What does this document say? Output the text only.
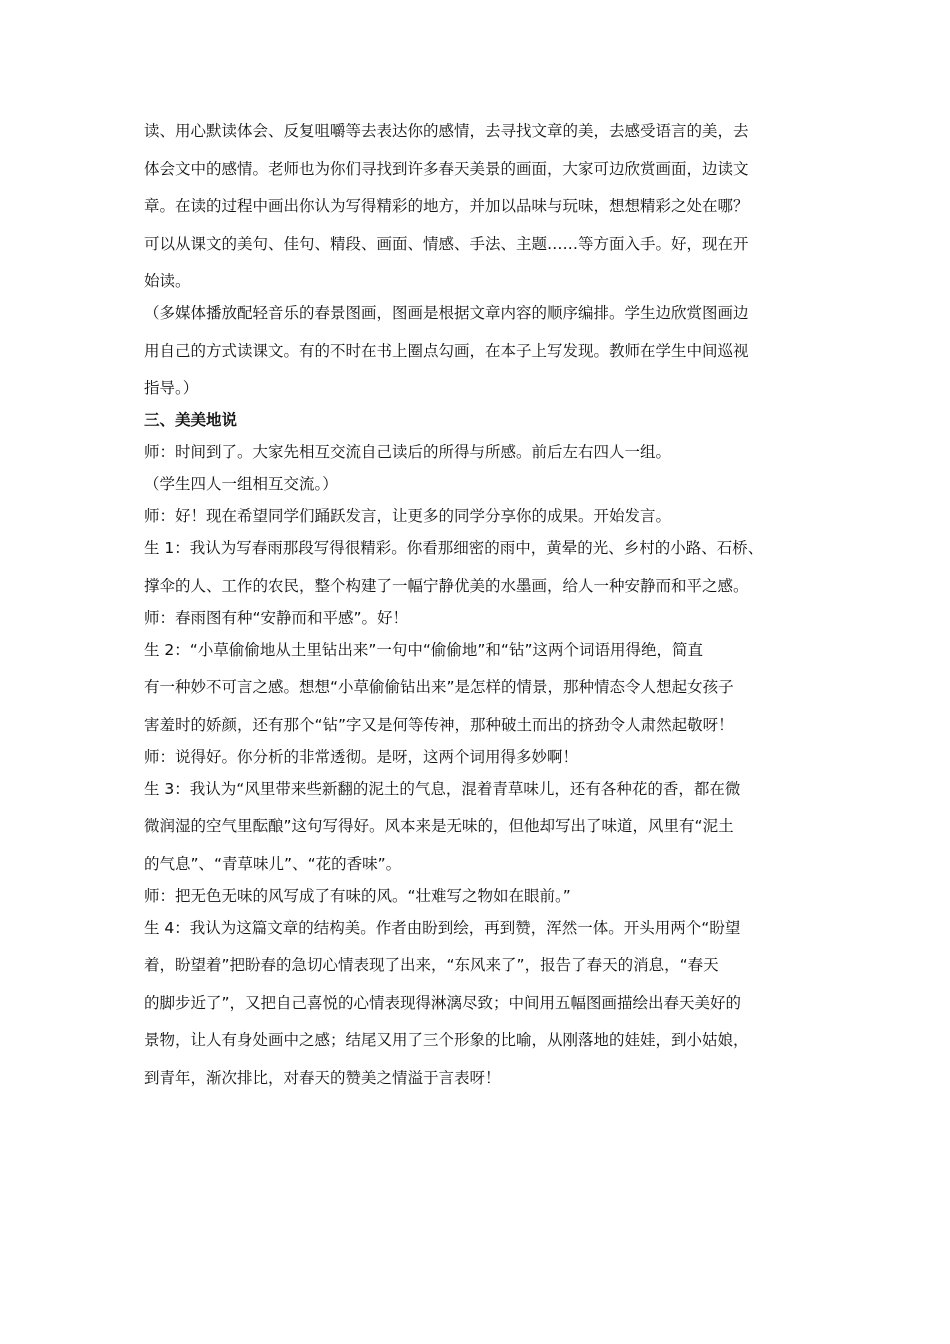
读、用心默读体会、反复咀嚼等去表达你的感情，去寻找文章的美，去感受语言的美，去

体会文中的感情。老师也为你们寻找到许多春天美景的画面，大家可边欣赏画面，边读文

章。在读的过程中画出你认为写得精彩的地方，并加以品味与玩味，想想精彩之处在哪？

可以从课文的美句、佳句、精段、画面、情感、手法、主题……等方面入手。好，现在开

始读。

（多媒体播放配轻音乐的春景图画，图画是根据文章内容的顺序编排。学生边欣赏图画边

用自己的方式读课文。有的不时在书上圈点勾画，在本子上写发现。教师在学生中间巡视

指导。）

三、美美地说

师：时间到了。大家先相互交流自己读后的所得与所感。前后左右四人一组。

（学生四人一组相互交流。）

师：好！现在希望同学们踊跃发言，让更多的同学分享你的成果。开始发言。

生 1：我认为写春雨那段写得很精彩。你看那细密的雨中，黄晕的光、乡村的小路、石桥、

撑伞的人、工作的农民，整个构建了一幅宁静优美的水墨画，给人一种安静而和平之感。

师：春雨图有种“安静而和平感”。好！

生 2：“小草偷偷地从土里钻出来”一句中“偷偷地”和“钻”这两个词语用得绝，简直

有一种妙不可言之感。想想“小草偷偷钻出来”是怎样的情景，那种情态令人想起女孩子

害羞时的娇颜，还有那个“钻”字又是何等传神，那种破土而出的挤劲令人肃然起敬呀！

师：说得好。你分析的非常透彻。是呀，这两个词用得多妙啊！

生 3：我认为“风里带来些新翻的泥土的气息，混着青草味儿，还有各种花的香，都在微

微润湿的空气里酝酿”这句写得好。风本来是无味的，但他却写出了味道，风里有“泥土

的气息”、“青草味儿”、“花的香味”。

师：把无色无味的风写成了有味的风。“壮难写之物如在眼前。”

生 4：我认为这篇文章的结构美。作者由盼到绘，再到赞，浑然一体。开头用两个“盼望

着，盼望着”把盼春的急切心情表现了出来，“东风来了”，报告了春天的消息，“春天

的脚步近了”，又把自己喜悦的心情表现得淋漓尽致；中间用五幅图画描绘出春天美好的

景物，让人有身处画中之感；结尾又用了三个形象的比喻，从刚落地的娃娃，到小姑娘，

到青年，渐次排比，对春天的赞美之情溢于言表呀！
